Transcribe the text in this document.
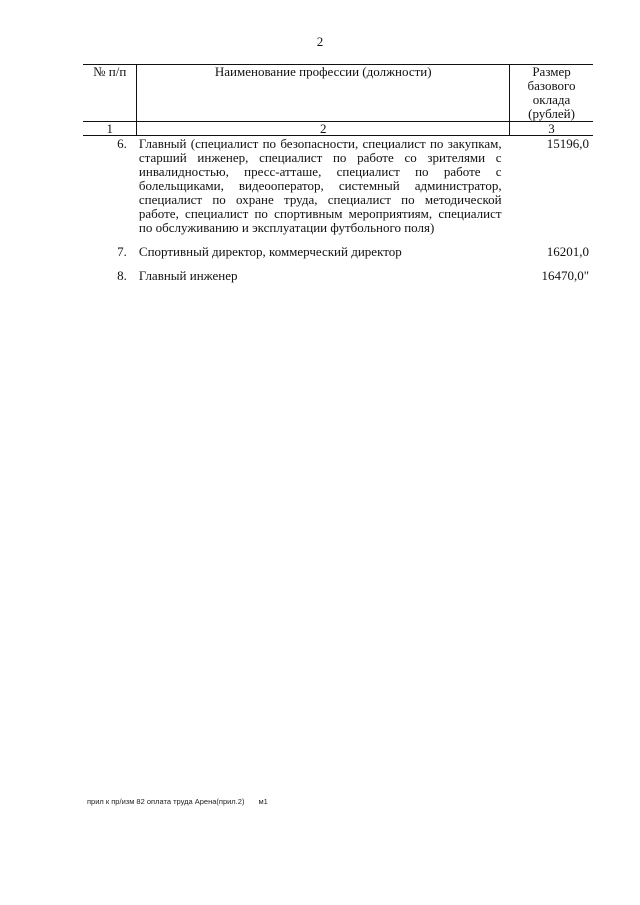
2
№ п/п	Наименование профессии (должности)	Размер базового оклада (рублей)
1	2	3
6.	Главный (специалист по безопасности, специалист по закупкам, старший инженер, специалист по работе со зрителями с инвалидностью, пресс-атташе, специалист по работе с болельщиками, видеооператор, системный администратор, специалист по охране труда, специалист по методической работе, специалист по спортивным мероприятиям, специалист по обслуживанию и эксплуатации футбольного поля)	15196,0
7.	Спортивный директор, коммерческий директор	16201,0
8.	Главный инженер	16470,0"
прил к пр/изм 82 оплата труда Арена(прил.2) м1
